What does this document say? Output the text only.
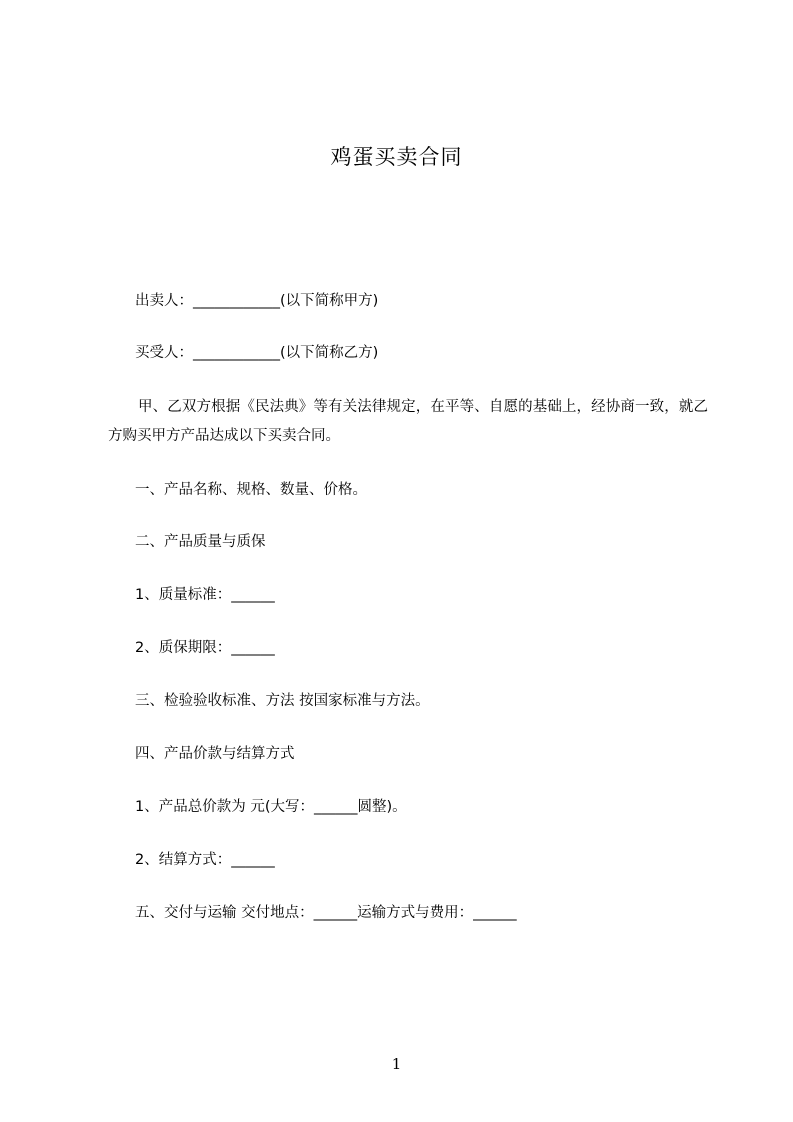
鸡蛋买卖合同
出卖人：____________(以下简称甲方)
买受人：____________(以下简称乙方)
甲、乙双方根据《民法典》等有关法律规定，在平等、自愿的基础上，经协商一致，就乙方购买甲方产品达成以下买卖合同。
一、产品名称、规格、数量、价格。
二、产品质量与质保
1、质量标准：______
2、质保期限：______
三、检验验收标准、方法 按国家标准与方法。
四、产品价款与结算方式
1、产品总价款为 元(大写：______圆整)。
2、结算方式：______
五、交付与运输 交付地点：______运输方式与费用：______
1
